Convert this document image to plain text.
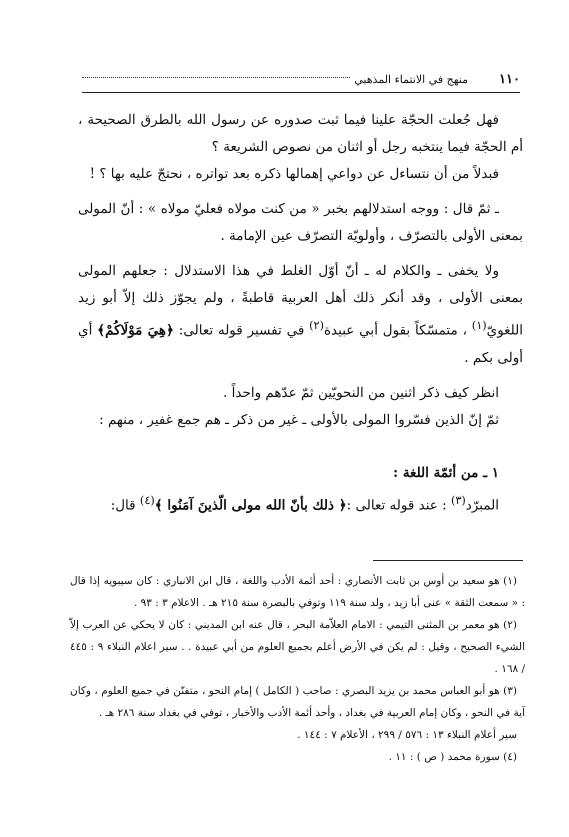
١١٠
منهج في الانتماء المذهبي

فهل جُعلت الحجّة علينا فيما ثبت صدوره عن رسول الله بالطرق الصحيحة ، أم الحجّة فيما ينتخبه رجل أو اثنان من نصوص الشريعة ؟

فبدلاً من أن نتساءل عن دواعي إهمالها ذكره بعد تواتره ، نحتجّ عليه بها ؟ !

ـ ثمّ قال : ووجه استدلالهم بخبر « من كنت مولاه فعليّ مولاه » : أنّ المولى بمعنى الأولى بالتصرّف ، وأولويّة التصرّف عين الإمامة .

ولا يخفى ـ والكلام له ـ أنّ أوّل الغلط في هذا الاستدلال : جعلهم المولى بمعنى الأولى ، وقد أنكر ذلك أهل العربية قاطبةً ، ولم يجوّز ذلك إلاّ أبو زيد اللغويّ$^{(١)}$ ، متمسّكاً بقول أبي عبيدة$^{(٢)}$ في تفسير قوله تعالى: ﴿هِيَ مَوْلَاكُمْ﴾ أي أولى بكم .

انظر كيف ذكر اثنين من النحويّين ثمّ عدّهم واحداً .

ثمّ إنّ الذين فسّروا المولى بالأولى ـ غير من ذكر ـ هم جمع غفير ، منهم :

١ ـ من أئمّة اللغة :

المبرّد$^{(٣)}$ : عند قوله تعالى :﴿ ذلك بأنّ الله مولى الّذينَ آمَنُوا ﴾$^{(٤)}$ قال:

(١) هو سعيد بن أوس بن ثابت الأنصاري : أحد أئمة الأدب واللغة ، قال ابن الانباري : كان سيبويه إذا قال : « سمعت الثقة » عنى أبا زيد ، ولد سنة ١١٩ وتوفي بالبصرة سنة ٢١٥ هـ . الاعلام ٣ : ٩٣ .

(٢) هو معمر بن المثنى التيمي : الامام العلاّمة البحر ، قال عنه ابن المديني : كان لا يحكي عن العرب إلاّ الشيء الصحيح ، وقيل : لم يكن في الأرض أعلم بجميع العلوم من أبي عبيدة . . سير اعلام النبلاء ٩ : ٤٤٥ / ١٦٨ .

(٣) هو أبو العباس محمد بن يزيد البصري : صاحب ( الكامل ) إمام النحو ، متفنّن في جميع العلوم ، وكان آية في النحو ، وكان إمام العربية في بغداد ، وأحد أئمة الأدب والأخبار ، توفي في بغداد سنة ٢٨٦ هـ .

سير أعلام النبلاء ١٣ : ٥٧٦ / ٢٩٩ ، الأعلام ٧ : ١٤٤ .

(٤) سورة محمد ( ص ) : ١١ .
